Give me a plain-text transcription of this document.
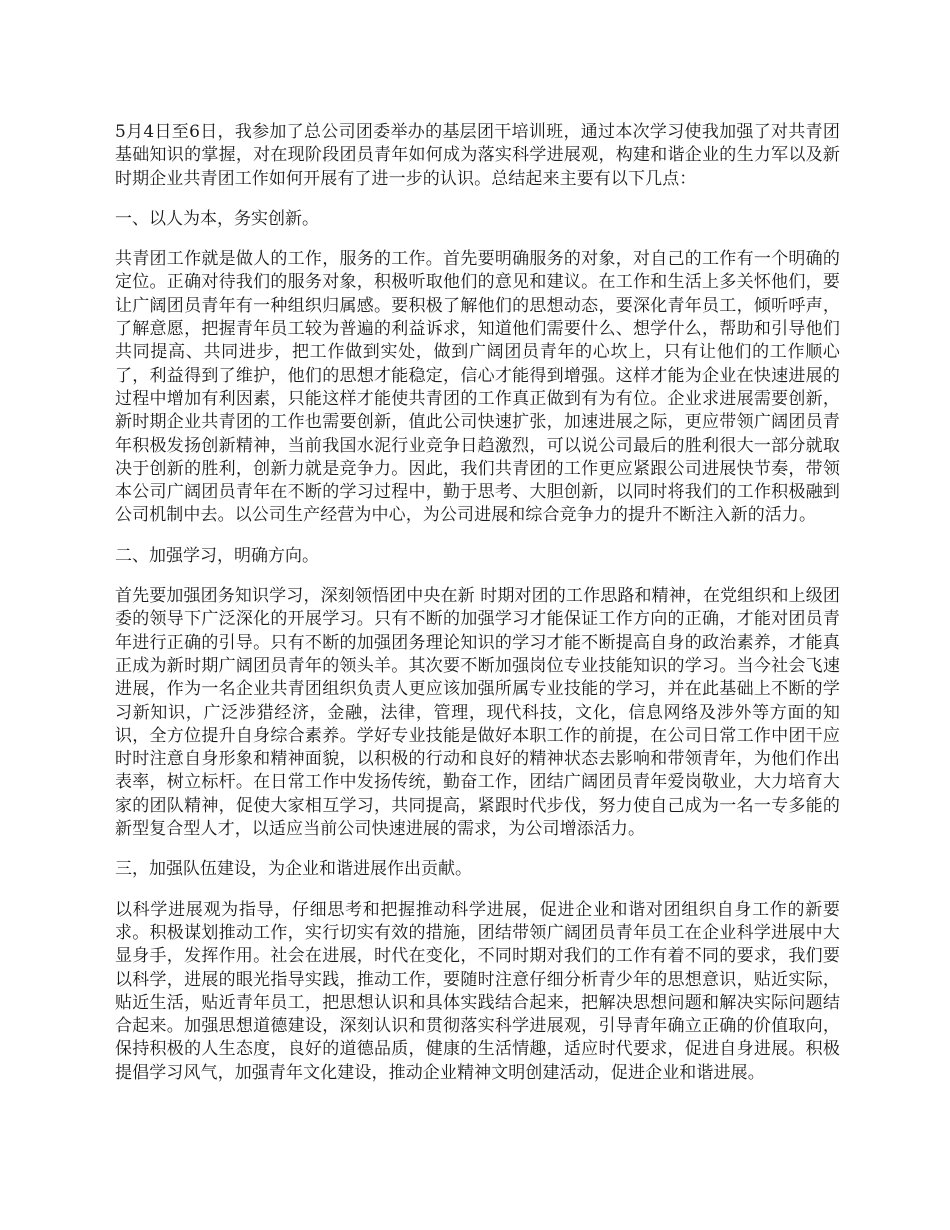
5月4日至6日，我参加了总公司团委举办的基层团干培训班，通过本次学习使我加强了对共青团基础知识的掌握，对在现阶段团员青年如何成为落实科学进展观，构建和谐企业的生力军以及新时期企业共青团工作如何开展有了进一步的认识。总结起来主要有以下几点：

一、以人为本，务实创新。

共青团工作就是做人的工作，服务的工作。首先要明确服务的对象，对自己的工作有一个明确的定位。正确对待我们的服务对象，积极听取他们的意见和建议。在工作和生活上多关怀他们，要让广阔团员青年有一种组织归属感。要积极了解他们的思想动态，要深化青年员工，倾听呼声，了解意愿，把握青年员工较为普遍的利益诉求，知道他们需要什么、想学什么，帮助和引导他们共同提高、共同进步，把工作做到实处，做到广阔团员青年的心坎上，只有让他们的工作顺心了，利益得到了维护，他们的思想才能稳定，信心才能得到增强。这样才能为企业在快速进展的过程中增加有利因素，只能这样才能使共青团的工作真正做到有为有位。企业求进展需要创新，新时期企业共青团的工作也需要创新，值此公司快速扩张，加速进展之际，更应带领广阔团员青年积极发扬创新精神，当前我国水泥行业竞争日趋激烈，可以说公司最后的胜利很大一部分就取决于创新的胜利，创新力就是竞争力。因此，我们共青团的工作更应紧跟公司进展快节奏，带领本公司广阔团员青年在不断的学习过程中，勤于思考、大胆创新，以同时将我们的工作积极融到公司机制中去。以公司生产经营为中心，为公司进展和综合竞争力的提升不断注入新的活力。

二、加强学习，明确方向。

首先要加强团务知识学习，深刻领悟团中央在新 时期对团的工作思路和精神，在党组织和上级团委的领导下广泛深化的开展学习。只有不断的加强学习才能保证工作方向的正确，才能对团员青年进行正确的引导。只有不断的加强团务理论知识的学习才能不断提高自身的政治素养，才能真正成为新时期广阔团员青年的领头羊。其次要不断加强岗位专业技能知识的学习。当今社会飞速进展，作为一名企业共青团组织负责人更应该加强所属专业技能的学习，并在此基础上不断的学习新知识，广泛涉猎经济，金融，法律，管理，现代科技，文化，信息网络及涉外等方面的知识，全方位提升自身综合素养。学好专业技能是做好本职工作的前提，在公司日常工作中团干应时时注意自身形象和精神面貌，以积极的行动和良好的精神状态去影响和带领青年，为他们作出表率，树立标杆。在日常工作中发扬传统，勤奋工作，团结广阔团员青年爱岗敬业，大力培育大家的团队精神，促使大家相互学习，共同提高，紧跟时代步伐，努力使自己成为一名一专多能的新型复合型人才，以适应当前公司快速进展的需求，为公司增添活力。

三，加强队伍建设，为企业和谐进展作出贡献。

以科学进展观为指导，仔细思考和把握推动科学进展，促进企业和谐对团组织自身工作的新要求。积极谋划推动工作，实行切实有效的措施，团结带领广阔团员青年员工在企业科学进展中大显身手，发挥作用。社会在进展，时代在变化，不同时期对我们的工作有着不同的要求，我们要以科学，进展的眼光指导实践，推动工作，要随时注意仔细分析青少年的思想意识，贴近实际，贴近生活，贴近青年员工，把思想认识和具体实践结合起来，把解决思想问题和解决实际问题结合起来。加强思想道德建设，深刻认识和贯彻落实科学进展观，引导青年确立正确的价值取向，保持积极的人生态度，良好的道德品质，健康的生活情趣，适应时代要求，促进自身进展。积极提倡学习风气，加强青年文化建设，推动企业精神文明创建活动，促进企业和谐进展。
